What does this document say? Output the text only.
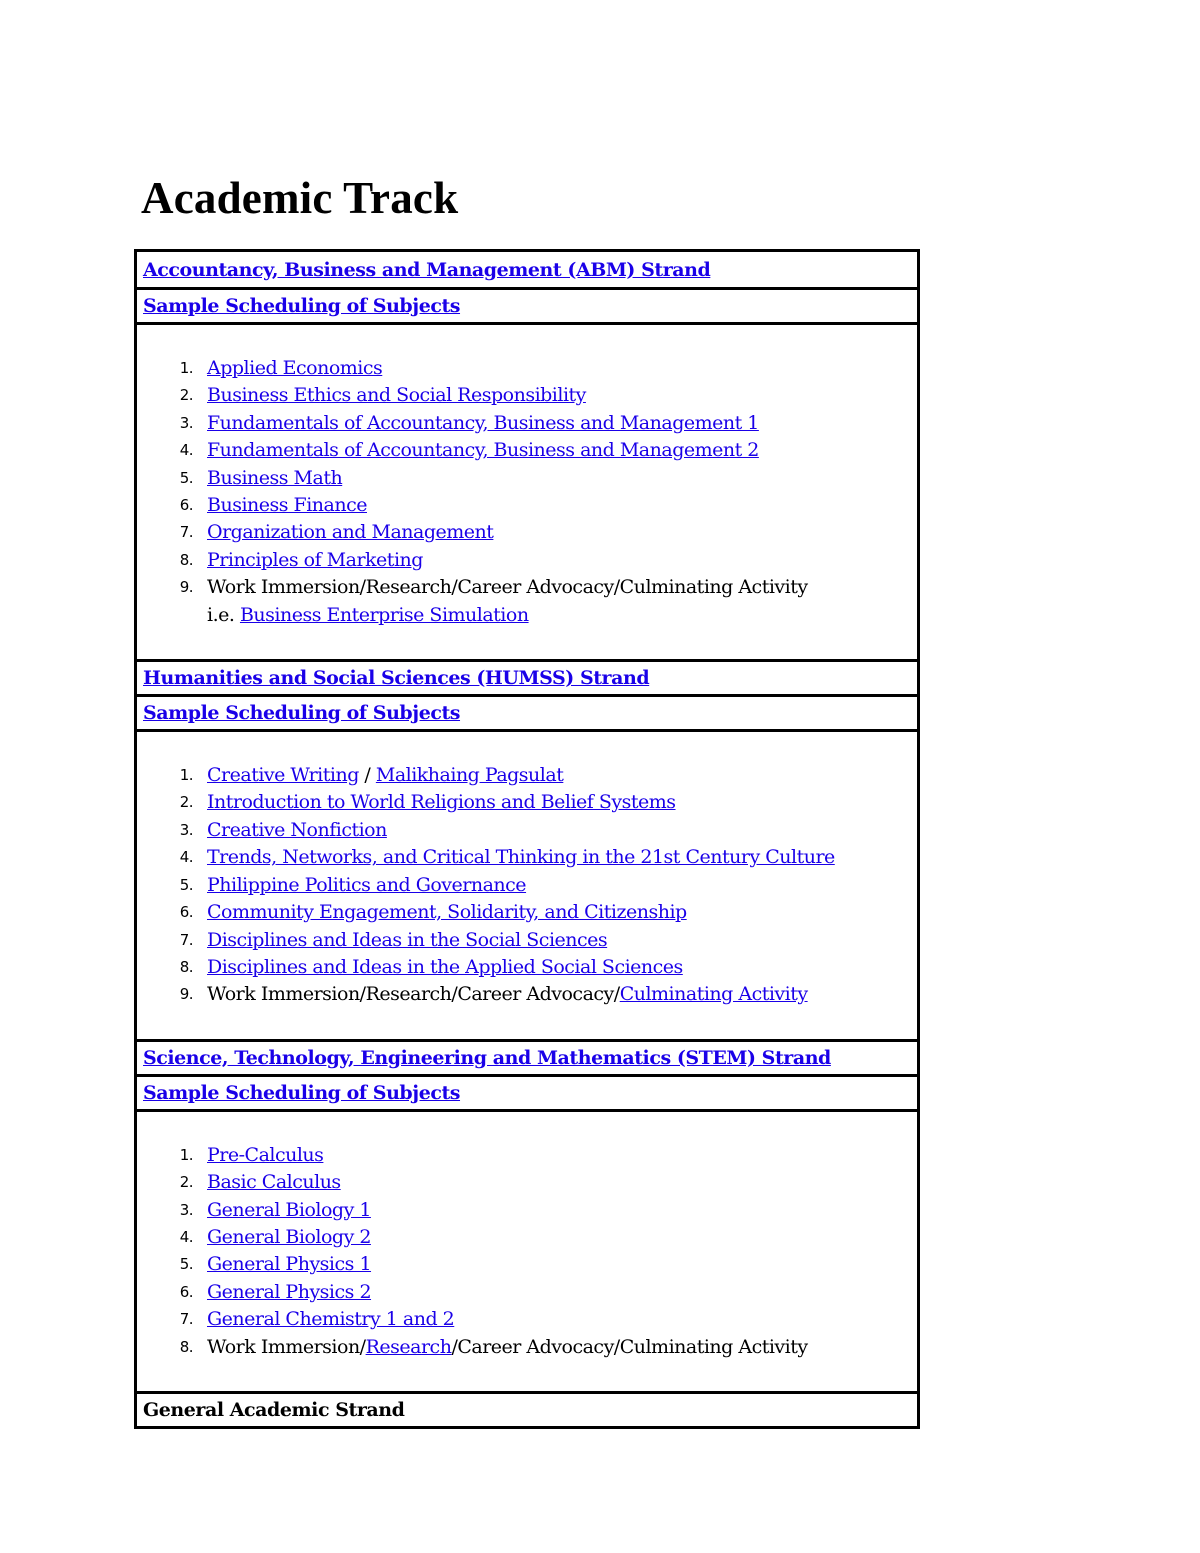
Academic Track
Accountancy, Business and Management (ABM) Strand
Sample Scheduling of Subjects
1. Applied Economics
2. Business Ethics and Social Responsibility
3. Fundamentals of Accountancy, Business and Management 1
4. Fundamentals of Accountancy, Business and Management 2
5. Business Math
6. Business Finance
7. Organization and Management
8. Principles of Marketing
9. Work Immersion/Research/Career Advocacy/Culminating Activity
i.e. Business Enterprise Simulation
Humanities and Social Sciences (HUMSS) Strand
Sample Scheduling of Subjects
1. Creative Writing / Malikhaing Pagsulat
2. Introduction to World Religions and Belief Systems
3. Creative Nonfiction
4. Trends, Networks, and Critical Thinking in the 21st Century Culture
5. Philippine Politics and Governance
6. Community Engagement, Solidarity, and Citizenship
7. Disciplines and Ideas in the Social Sciences
8. Disciplines and Ideas in the Applied Social Sciences
9. Work Immersion/Research/Career Advocacy/Culminating Activity
Science, Technology, Engineering and Mathematics (STEM) Strand
Sample Scheduling of Subjects
1. Pre-Calculus
2. Basic Calculus
3. General Biology 1
4. General Biology 2
5. General Physics 1
6. General Physics 2
7. General Chemistry 1 and 2
8. Work Immersion/Research/Career Advocacy/Culminating Activity
General Academic Strand
